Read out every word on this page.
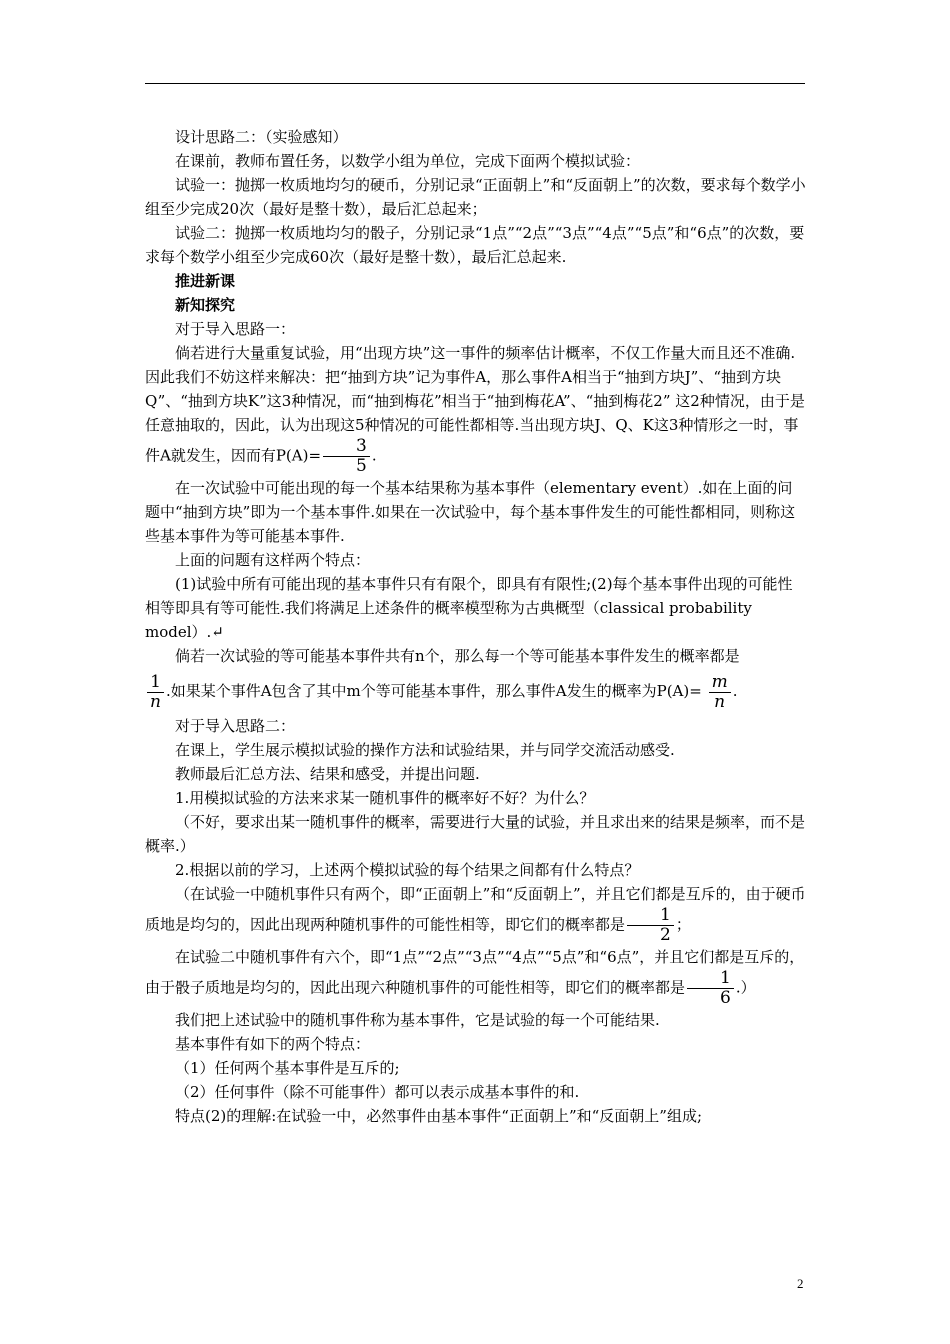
设计思路二：（实验感知）

在课前，教师布置任务，以数学小组为单位，完成下面两个模拟试验：

试验一：抛掷一枚质地均匀的硬币，分别记录“正面朝上”和“反面朝上”的次数，要求每个数学小组至少完成20次（最好是整十数），最后汇总起来；

试验二：抛掷一枚质地均匀的骰子，分别记录“1点”“2点”“3点”“4点”“5点”和“6点”的次数，要求每个数学小组至少完成60次（最好是整十数），最后汇总起来.

推进新课

新知探究

对于导入思路一：

倘若进行大量重复试验，用“出现方块”这一事件的频率估计概率，不仅工作量大而且还不准确.因此我们不妨这样来解决：把“抽到方块”记为事件A，那么事件A相当于“抽到方块J”、“抽到方块Q”、“抽到方块K”这3种情况，而“抽到梅花”相当于“抽到梅花A”、“抽到梅花2” 这2种情况，由于是任意抽取的，因此，认为出现这5种情况的可能性都相等.当出现方块J、Q、K这3种情形之一时，事件A就发生，因而有$P(A)= \frac{3}{5}$ .

在一次试验中可能出现的每一个基本结果称为基本事件（elementary event）.如在上面的问题中“抽到方块”即为一个基本事件.如果在一次试验中，每个基本事件发生的可能性都相同，则称这些基本事件为等可能基本事件.

上面的问题有这样两个特点：

(1)试验中所有可能出现的基本事件只有有限个，即具有有限性;(2)每个基本事件出现的可能性相等即具有等可能性.我们将满足上述条件的概率模型称为古典概型（classical probability model）.↵

倘若一次试验的等可能基本事件共有n个，那么每一个等可能基本事件发生的概率都是

$\frac{1}{n}$ .如果某个事件A包含了其中m个等可能基本事件，那么事件A发生的概率为$P(A)= \frac{m}{n}$ .

对于导入思路二：

在课上，学生展示模拟试验的操作方法和试验结果，并与同学交流活动感受.

教师最后汇总方法、结果和感受，并提出问题.

1.用模拟试验的方法来求某一随机事件的概率好不好？为什么？

（不好，要求出某一随机事件的概率，需要进行大量的试验，并且求出来的结果是频率，而不是概率.）

2.根据以前的学习，上述两个模拟试验的每个结果之间都有什么特点？

（在试验一中随机事件只有两个，即“正面朝上”和“反面朝上”，并且它们都是互斥的，由于硬币质地是均匀的，因此出现两种随机事件的可能性相等，即它们的概率都是 $\frac{1}{2}$ ；

在试验二中随机事件有六个，即“1点”“2点”“3点”“4点”“5点”和“6点”，并且它们都是互斥的，由于骰子质地是均匀的，因此出现六种随机事件的可能性相等，即它们的概率都是 $\frac{1}{6}$ .）

我们把上述试验中的随机事件称为基本事件，它是试验的每一个可能结果.

基本事件有如下的两个特点：

（1）任何两个基本事件是互斥的;

（2）任何事件（除不可能事件）都可以表示成基本事件的和.

特点(2)的理解:在试验一中，必然事件由基本事件“正面朝上”和“反面朝上”组成;

2
